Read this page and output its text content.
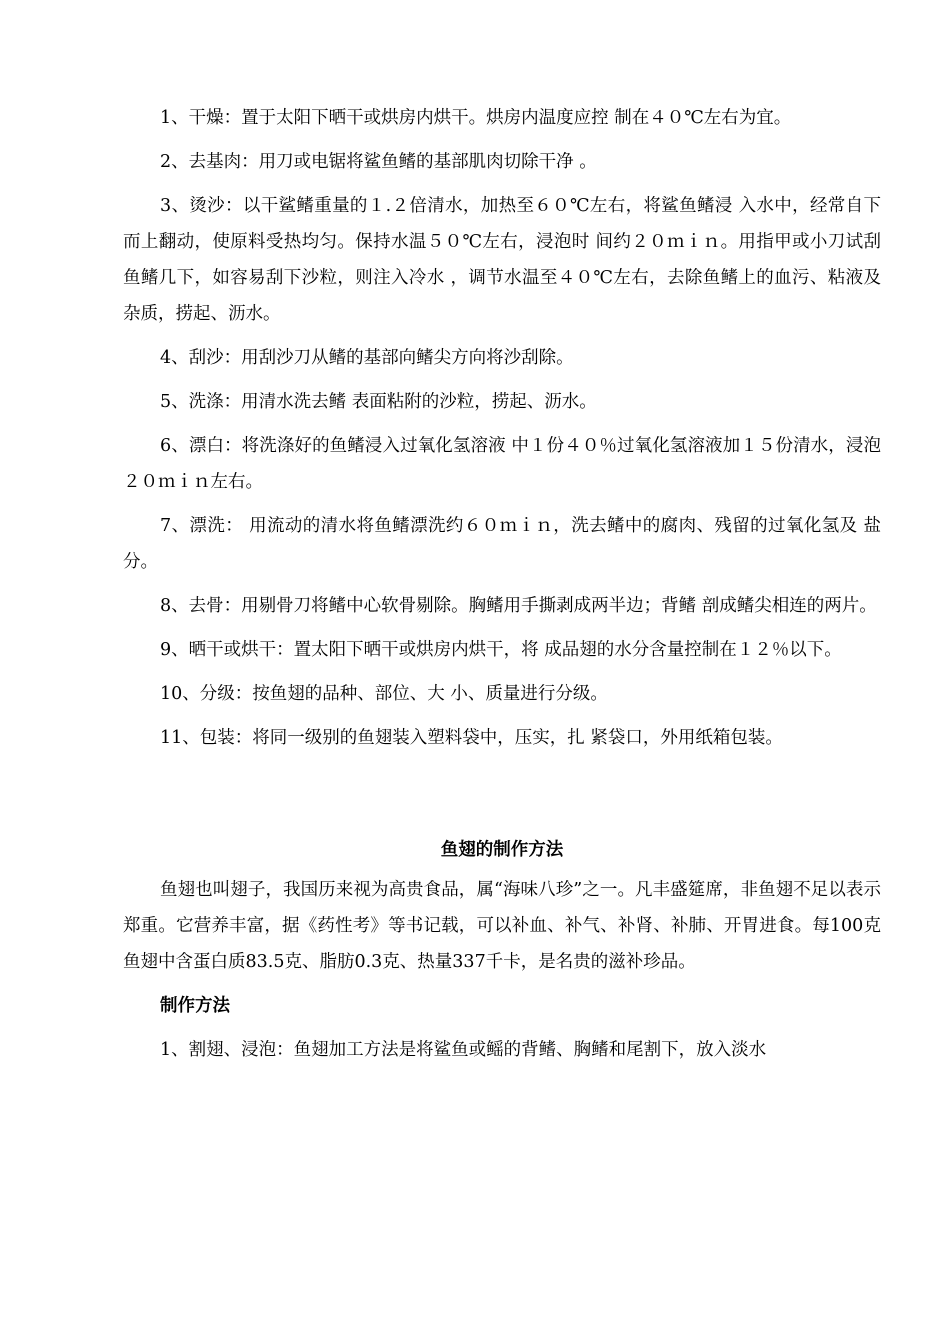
1、干燥：置于太阳下晒干或烘房内烘干。烘房内温度应控 制在４０℃左右为宜。

2、去基肉：用刀或电锯将鲨鱼鳍的基部肌肉切除干净 。

3、烫沙：以干鲨鳍重量的１.２倍清水，加热至６０℃左右，将鲨鱼鳍浸 入水中，经常自下而上翻动，使原料受热均匀。保持水温５０℃左右，浸泡时 间约２０ｍｉｎ。用指甲或小刀试刮鱼鳍几下，如容易刮下沙粒，则注入冷水 ，调节水温至４０℃左右，去除鱼鳍上的血污、粘液及杂质，捞起、沥水。

4、刮沙：用刮沙刀从鳍的基部向鳍尖方向将沙刮除。

5、洗涤：用清水洗去鳍 表面粘附的沙粒，捞起、沥水。

6、漂白：将洗涤好的鱼鳍浸入过氧化氢溶液 中１份４０％过氧化氢溶液加１５份清水，浸泡２０ｍｉｎ左右。

7、漂洗： 用流动的清水将鱼鳍漂洗约６０ｍｉｎ，洗去鳍中的腐肉、残留的过氧化氢及 盐分。

8、去骨：用剔骨刀将鳍中心软骨剔除。胸鳍用手撕剥成两半边；背鳍 剖成鳍尖相连的两片。

9、晒干或烘干：置太阳下晒干或烘房内烘干，将 成品翅的水分含量控制在１２％以下。

10、分级：按鱼翅的品种、部位、大 小、质量进行分级。

11、包装：将同一级别的鱼翅装入塑料袋中，压实，扎 紧袋口，外用纸箱包装。

鱼翅的制作方法

鱼翅也叫翅子，我国历来视为高贵食品，属“海味八珍”之一。凡丰盛筵席，非鱼翅不足以表示郑重。它营养丰富，据《药性考》等书记载，可以补血、补气、补肾、补肺、开胃进食。每100克鱼翅中含蛋白质83.5克、脂肪0.3克、热量337千卡，是名贵的滋补珍品。

制作方法

1、割翅、浸泡：鱼翅加工方法是将鲨鱼或鳐的背鳍、胸鳍和尾割下，放入淡水
